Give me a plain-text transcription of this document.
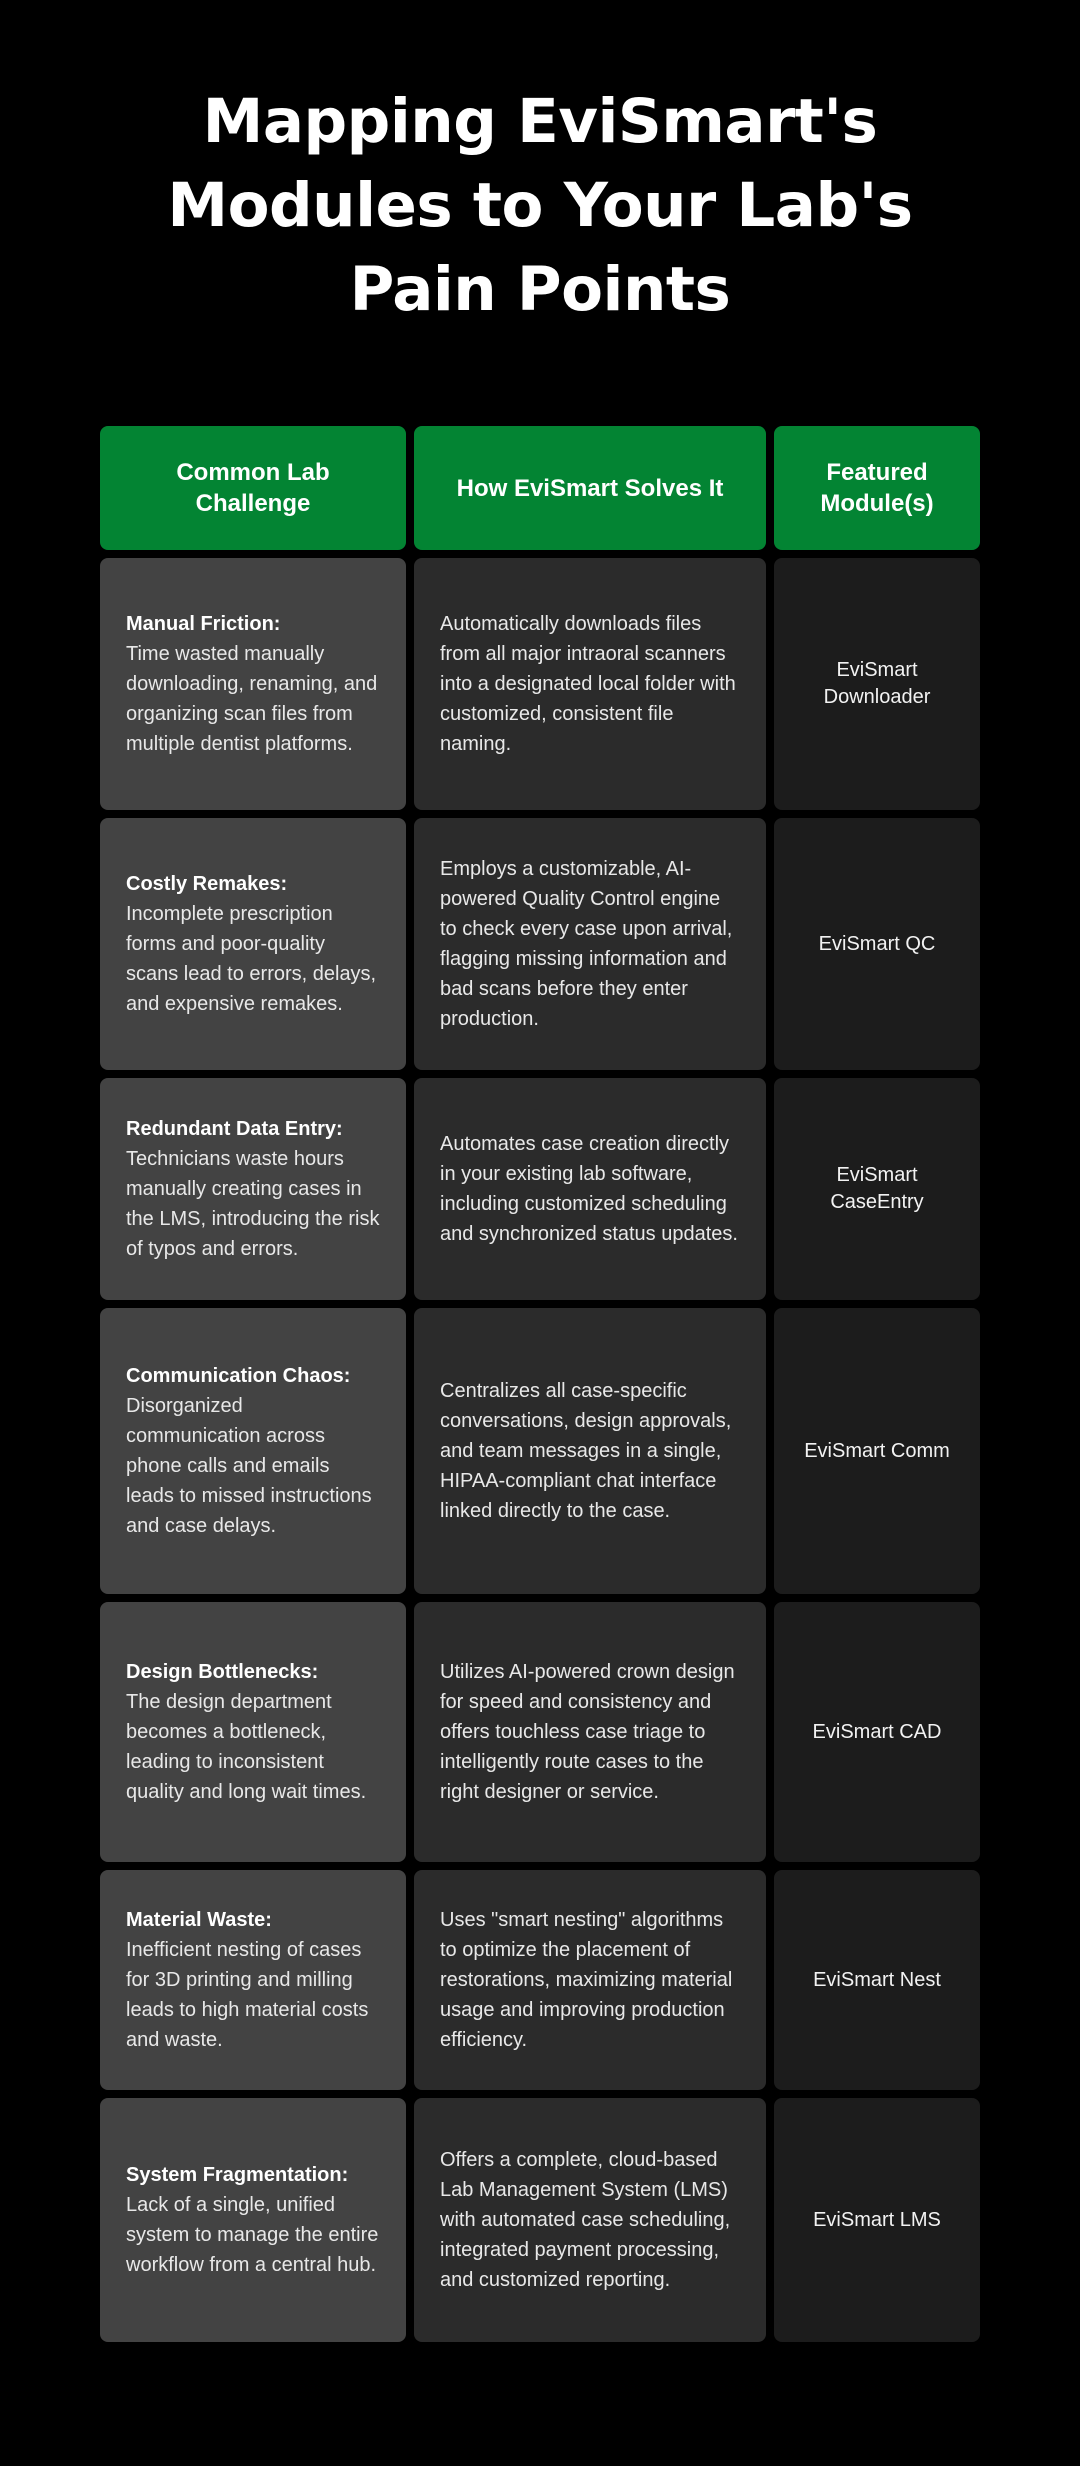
Mapping EviSmart's Modules to Your Lab's Pain Points
Common Lab Challenge
How EviSmart Solves It
Featured Module(s)
Manual Friction:
Time wasted manually downloading, renaming, and organizing scan files from multiple dentist platforms.
Automatically downloads files from all major intraoral scanners into a designated local folder with customized, consistent file naming.
EviSmart Downloader
Costly Remakes:
Incomplete prescription forms and poor-quality scans lead to errors, delays, and expensive remakes.
Employs a customizable, AI-powered Quality Control engine to check every case upon arrival, flagging missing information and bad scans before they enter production.
EviSmart QC
Redundant Data Entry:
Technicians waste hours manually creating cases in the LMS, introducing the risk of typos and errors.
Automates case creation directly in your existing lab software, including customized scheduling and synchronized status updates.
EviSmart CaseEntry
Communication Chaos:
Disorganized communication across phone calls and emails leads to missed instructions and case delays.
Centralizes all case-specific conversations, design approvals, and team messages in a single, HIPAA-compliant chat interface linked directly to the case.
EviSmart Comm
Design Bottlenecks:
The design department becomes a bottleneck, leading to inconsistent quality and long wait times.
Utilizes AI-powered crown design for speed and consistency and offers touchless case triage to intelligently route cases to the right designer or service.
EviSmart CAD
Material Waste:
Inefficient nesting of cases for 3D printing and milling leads to high material costs and waste.
Uses "smart nesting" algorithms to optimize the placement of restorations, maximizing material usage and improving production efficiency.
EviSmart Nest
System Fragmentation:
Lack of a single, unified system to manage the entire workflow from a central hub.
Offers a complete, cloud-based Lab Management System (LMS) with automated case scheduling, integrated payment processing, and customized reporting.
EviSmart LMS
